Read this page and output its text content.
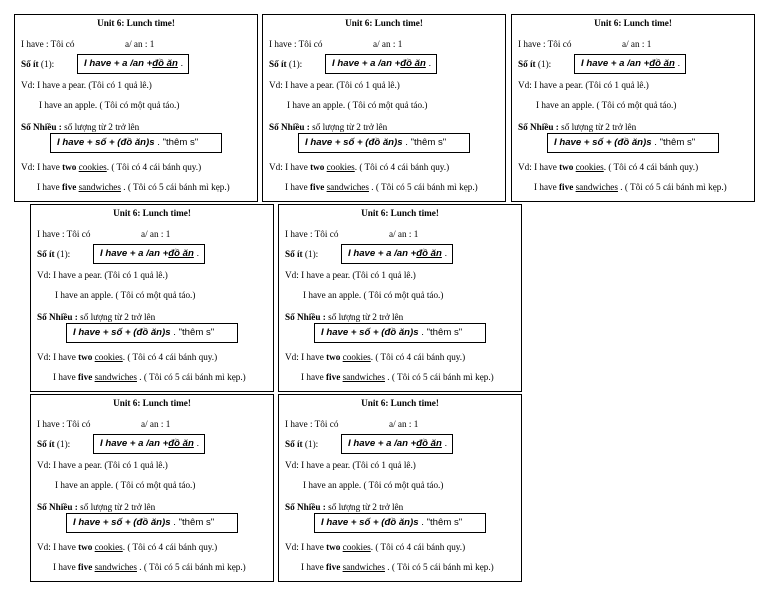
Unit 6: Lunch time!
I have : Tôi có	a/ an : 1
Số ít (1):	I have + a /an + đồ ăn
.
Vd: I have a pear. (Tôi có 1 quả lê.)
I have an apple. ( Tôi có một quả táo.)
Số Nhiều : số lượng từ 2 trở lên
I have + số + (đồ ăn)s
. "thêm s"
Vd: I have two cookies. ( Tôi có 4 cái bánh quy.)
I have five sandwiches . ( Tôi có 5 cái bánh mì kẹp.)
Unit 6: Lunch time!
I have : Tôi có	a/ an : 1
Số ít (1):	I have + a /an + đồ ăn
.
Vd: I have a pear. (Tôi có 1 quả lê.)
I have an apple. ( Tôi có một quả táo.)
Số Nhiều : số lượng từ 2 trở lên
I have + số + (đồ ăn)s
. "thêm s"
Vd: I have two cookies. ( Tôi có 4 cái bánh quy.)
I have five sandwiches . ( Tôi có 5 cái bánh mì kẹp.)
Unit 6: Lunch time!
I have : Tôi có	a/ an : 1
Số ít (1):	I have + a /an + đồ ăn
.
Vd: I have a pear. (Tôi có 1 quả lê.)
I have an apple. ( Tôi có một quả táo.)
Số Nhiều : số lượng từ 2 trở lên
I have + số + (đồ ăn)s
. "thêm s"
Vd: I have two cookies. ( Tôi có 4 cái bánh quy.)
I have five sandwiches . ( Tôi có 5 cái bánh mì kẹp.)
Unit 6: Lunch time!
I have : Tôi có	a/ an : 1
Số ít (1):	I have + a /an + đồ ăn
.
Vd: I have a pear. (Tôi có 1 quả lê.)
I have an apple. ( Tôi có một quả táo.)
Số Nhiều : số lượng từ 2 trở lên
I have + số + (đồ ăn)s
. "thêm s"
Vd: I have two cookies. ( Tôi có 4 cái bánh quy.)
I have five sandwiches . ( Tôi có 5 cái bánh mì kẹp.)
Unit 6: Lunch time!
I have : Tôi có	a/ an : 1
Số ít (1):	I have + a /an + đồ ăn
.
Vd: I have a pear. (Tôi có 1 quả lê.)
I have an apple. ( Tôi có một quả táo.)
Số Nhiều : số lượng từ 2 trở lên
I have + số + (đồ ăn)s
. "thêm s"
Vd: I have two cookies. ( Tôi có 4 cái bánh quy.)
I have five sandwiches . ( Tôi có 5 cái bánh mì kẹp.)
Unit 6: Lunch time!
I have : Tôi có	a/ an : 1
Số ít (1):	I have + a /an + đồ ăn
.
Vd: I have a pear. (Tôi có 1 quả lê.)
I have an apple. ( Tôi có một quả táo.)
Số Nhiều : số lượng từ 2 trở lên
I have + số + (đồ ăn)s
. "thêm s"
Vd: I have two cookies. ( Tôi có 4 cái bánh quy.)
I have five sandwiches . ( Tôi có 5 cái bánh mì kẹp.)
Unit 6: Lunch time!
I have : Tôi có	a/ an : 1
Số ít (1):	I have + a /an + đồ ăn
.
Vd: I have a pear. (Tôi có 1 quả lê.)
I have an apple. ( Tôi có một quả táo.)
Số Nhiều : số lượng từ 2 trở lên
I have + số + (đồ ăn)s
. "thêm s"
Vd: I have two cookies. ( Tôi có 4 cái bánh quy.)
I have five sandwiches . ( Tôi có 5 cái bánh mì kẹp.)
